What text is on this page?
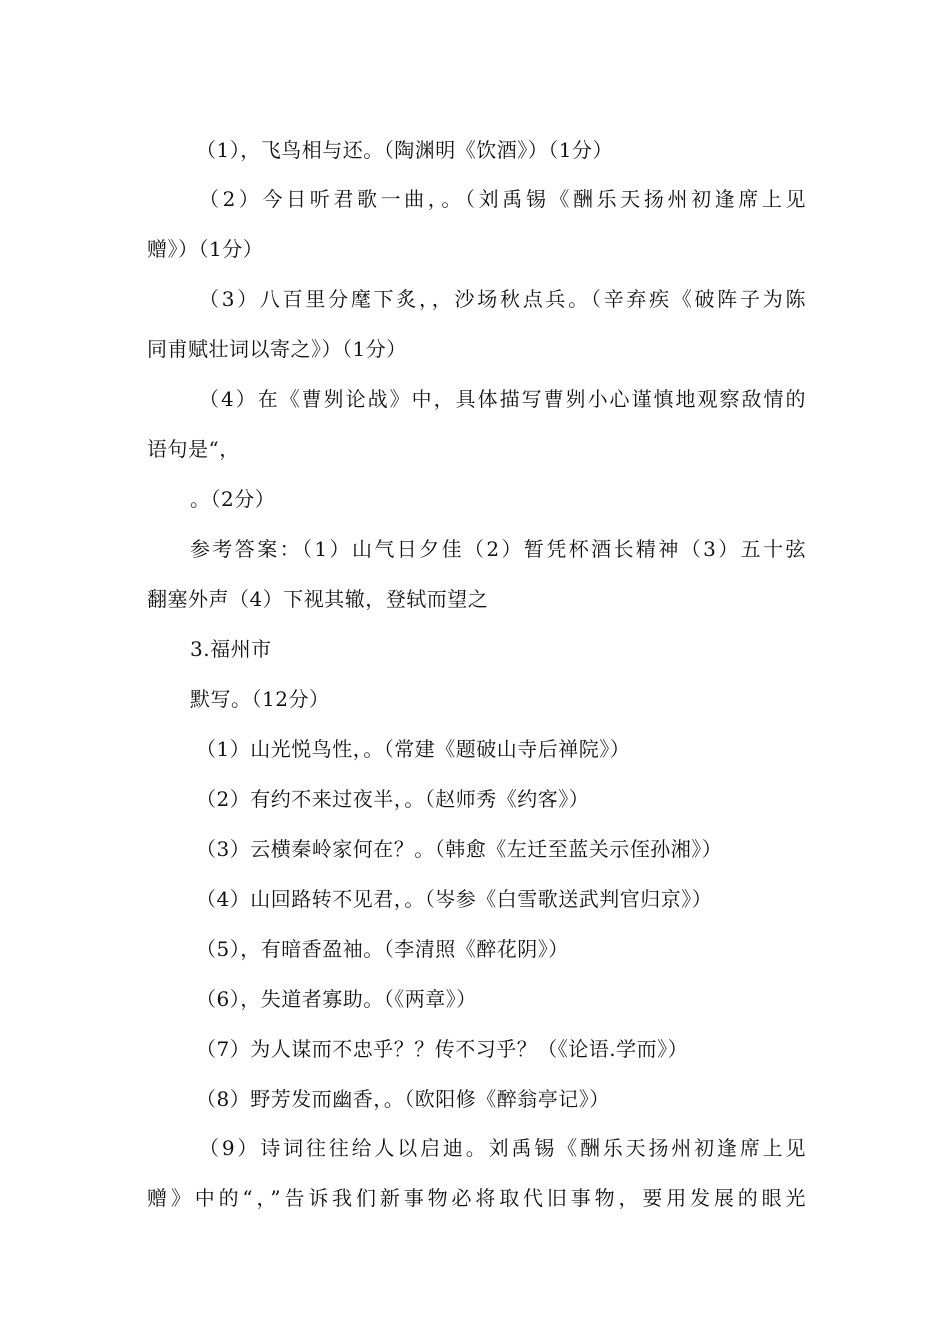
（1），飞鸟相与还。（陶渊明《饮酒》）（1分）
（2）今日听君歌一曲，。（刘禹锡《酬乐天扬州初逢席上见
赠》）（1分）
（3）八百里分麾下炙，，沙场秋点兵。（辛弃疾《破阵子为陈
同甫赋壮词以寄之》）（1分）
（4）在《曹刿论战》中，具体描写曹刿小心谨慎地观察敌情的
语句是“，
。（2分）
参考答案：（1）山气日夕佳（2）暂凭杯酒长精神（3）五十弦
翻塞外声（4）下视其辙，登轼而望之
3.福州市
默写。（12分）
（1）山光悦鸟性，。（常建《题破山寺后禅院》）
（2）有约不来过夜半，。（赵师秀《约客》）
（3）云横秦岭家何在？。（韩愈《左迁至蓝关示侄孙湘》）
（4）山回路转不见君，。（岑参《白雪歌送武判官归京》）
（5），有暗香盈袖。（李清照《醉花阴》）
（6），失道者寡助。（《两章》）
（7）为人谋而不忠乎？？传不习乎？（《论语.学而》）
（8）野芳发而幽香，。（欧阳修《醉翁亭记》）
（9）诗词往往给人以启迪。刘禹锡《酬乐天扬州初逢席上见
赠》中的“，”告诉我们新事物必将取代旧事物，要用发展的眼光
